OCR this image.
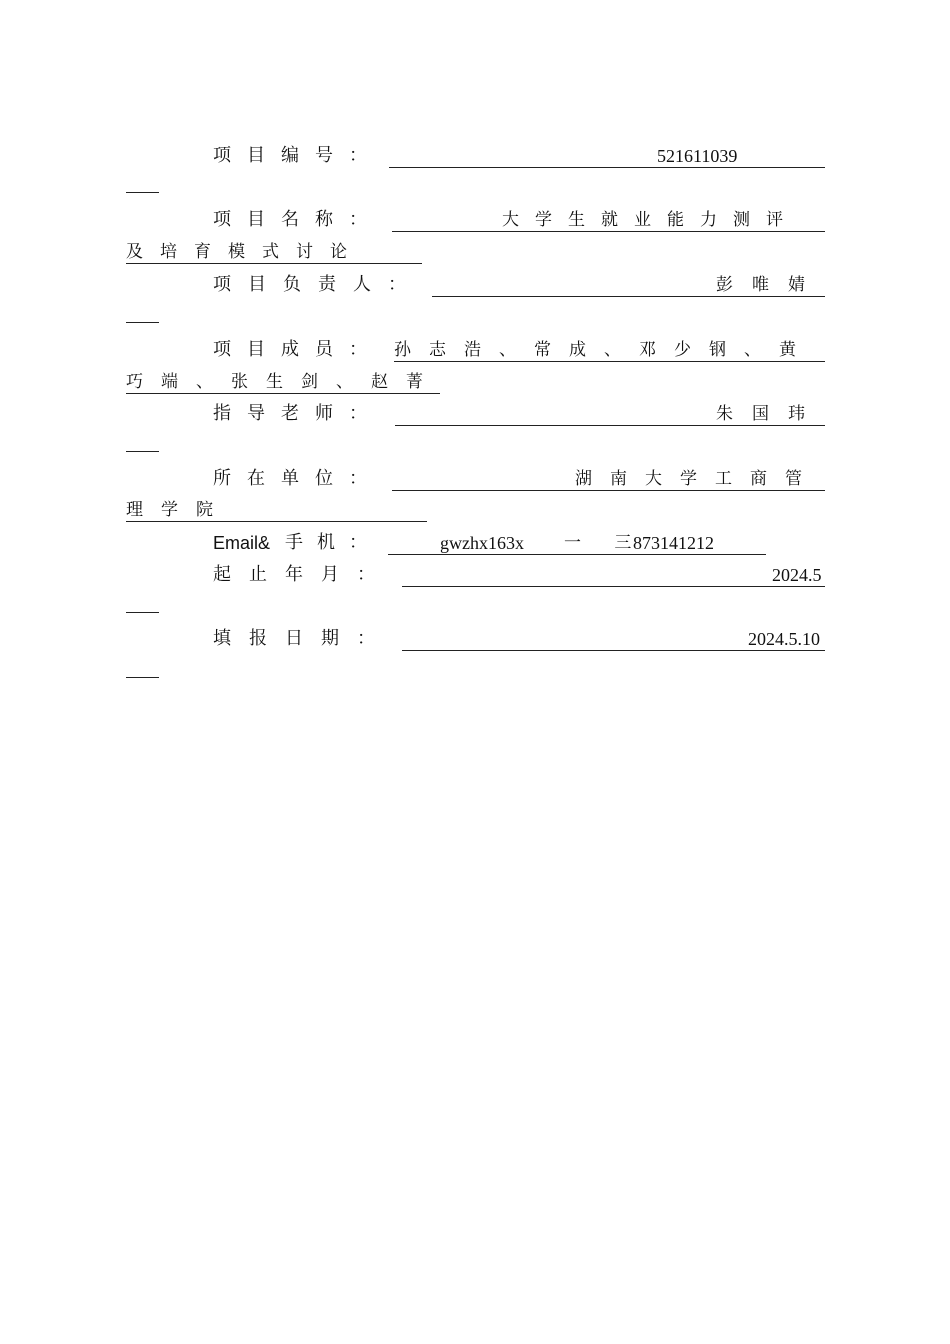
项目编号：	521611039
项目名称：	大学生就业能力测评
及培育模式讨论
项目负责人：	彭唯婧
项目成员： 孙志浩、常成、邓少钢、黄
巧端、张生剑、赵菁
指导老师：	朱国玮
所在单位：	湖南大学工商管
理学院
Email& 手机：	gwzhx163x 一 三
873141212
起止年月：	2024.5
填报日期：	2024.5.10
